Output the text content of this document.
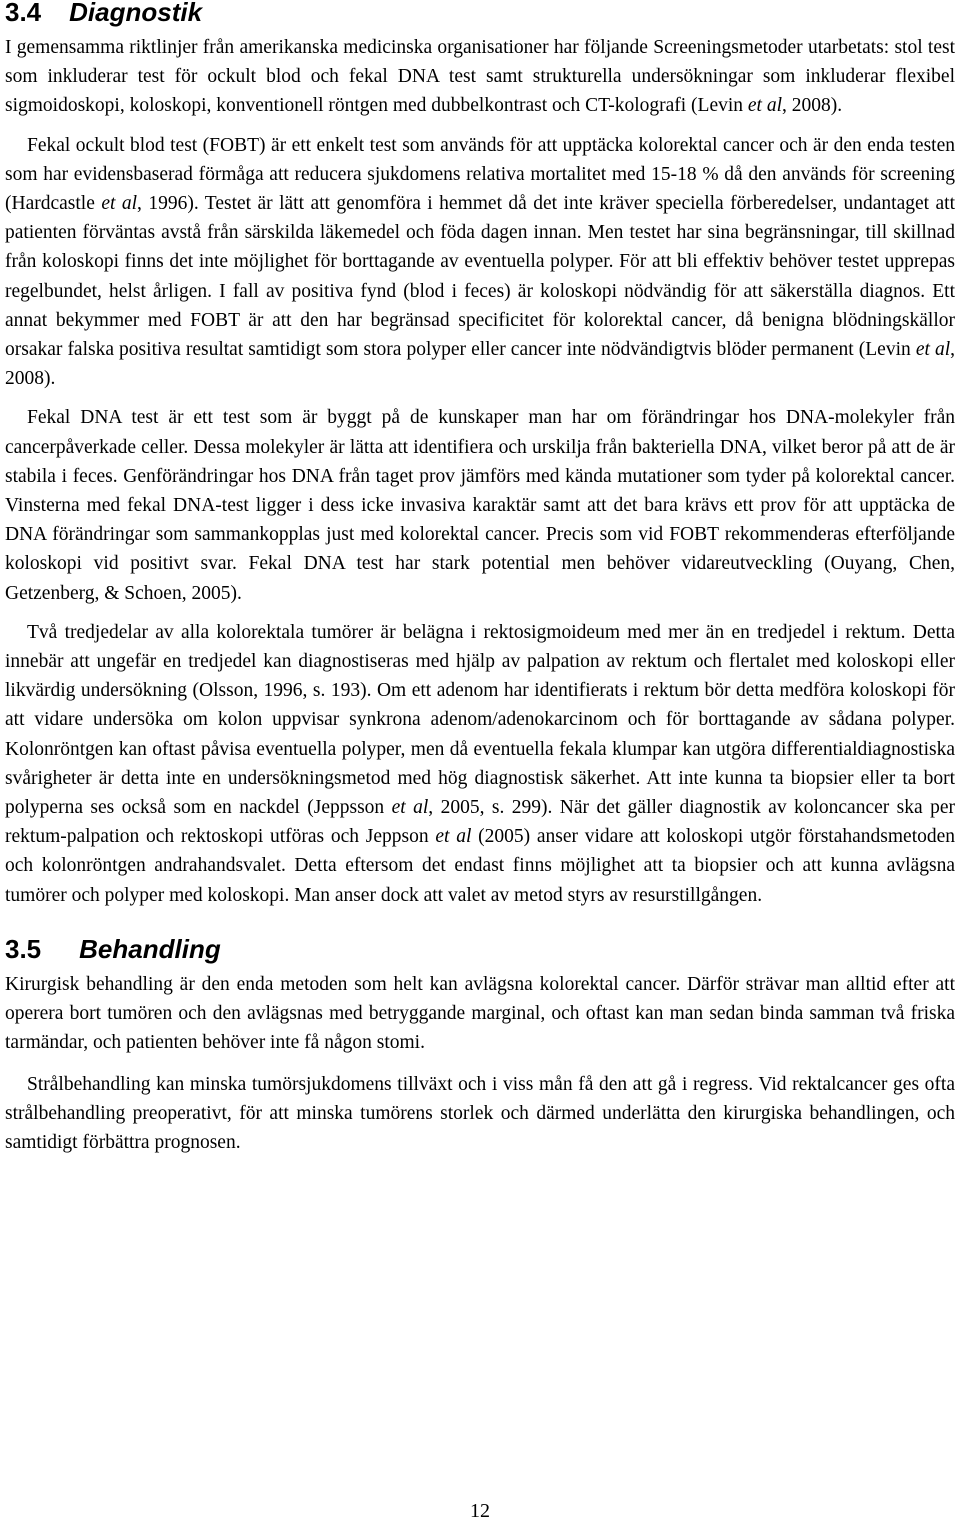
3.4 Diagnostik

I gemensamma riktlinjer från amerikanska medicinska organisationer har följande Screeningsmetoder utarbetats: stol test som inkluderar test för ockult blod och fekal DNA test samt strukturella undersökningar som inkluderar flexibel sigmoidoskopi, koloskopi, konventionell röntgen med dubbelkontrast och CT-kolografi (Levin et al, 2008).

Fekal ockult blod test (FOBT) är ett enkelt test som används för att upptäcka kolorektal cancer och är den enda testen som har evidensbaserad förmåga att reducera sjukdomens relativa mortalitet med 15-18 % då den används för screening (Hardcastle et al, 1996). Testet är lätt att genomföra i hemmet då det inte kräver speciella förberedelser, undantaget att patienten förväntas avstå från särskilda läkemedel och föda dagen innan. Men testet har sina begränsningar, till skillnad från koloskopi finns det inte möjlighet för borttagande av eventuella polyper. För att bli effektiv behöver testet upprepas regelbundet, helst årligen. I fall av positiva fynd (blod i feces) är koloskopi nödvändig för att säkerställa diagnos. Ett annat bekymmer med FOBT är att den har begränsad specificitet för kolorektal cancer, då benigna blödningskällor orsakar falska positiva resultat samtidigt som stora polyper eller cancer inte nödvändigtvis blöder permanent (Levin et al, 2008).

Fekal DNA test är ett test som är byggt på de kunskaper man har om förändringar hos DNA-molekyler från cancerpåverkade celler. Dessa molekyler är lätta att identifiera och urskilja från bakteriella DNA, vilket beror på att de är stabila i feces. Genförändringar hos DNA från taget prov jämförs med kända mutationer som tyder på kolorektal cancer. Vinsterna med fekal DNA-test ligger i dess icke invasiva karaktär samt att det bara krävs ett prov för att upptäcka de DNA förändringar som sammankopplas just med kolorektal cancer. Precis som vid FOBT rekommenderas efterföljande koloskopi vid positivt svar. Fekal DNA test har stark potential men behöver vidareutveckling (Ouyang, Chen, Getzenberg, & Schoen, 2005).

Två tredjedelar av alla kolorektala tumörer är belägna i rektosigmoideum med mer än en tredjedel i rektum. Detta innebär att ungefär en tredjedel kan diagnostiseras med hjälp av palpation av rektum och flertalet med koloskopi eller likvärdig undersökning (Olsson, 1996, s. 193). Om ett adenom har identifierats i rektum bör detta medföra koloskopi för att vidare undersöka om kolon uppvisar synkrona adenom/adenokarcinom och för borttagande av sådana polyper. Kolonröntgen kan oftast påvisa eventuella polyper, men då eventuella fekala klumpar kan utgöra differentialdiagnostiska svårigheter är detta inte en undersökningsmetod med hög diagnostisk säkerhet. Att inte kunna ta biopsier eller ta bort polyperna ses också som en nackdel (Jeppsson et al, 2005, s. 299). När det gäller diagnostik av koloncancer ska per rektum-palpation och rektoskopi utföras och Jeppson et al (2005) anser vidare att koloskopi utgör förstahandsmetoden och kolonröntgen andrahandsvalet. Detta eftersom det endast finns möjlighet att ta biopsier och att kunna avlägsna tumörer och polyper med koloskopi. Man anser dock att valet av metod styrs av resurstillgången.

3.5 Behandling

Kirurgisk behandling är den enda metoden som helt kan avlägsna kolorektal cancer. Därför strävar man alltid efter att operera bort tumören och den avlägsnas med betryggande marginal, och oftast kan man sedan binda samman två friska tarmändar, och patienten behöver inte få någon stomi.

Strålbehandling kan minska tumörsjukdomens tillväxt och i viss mån få den att gå i regress. Vid rektalcancer ges ofta strålbehandling preoperativt, för att minska tumörens storlek och därmed underlätta den kirurgiska behandlingen, och samtidigt förbättra prognosen.

12
